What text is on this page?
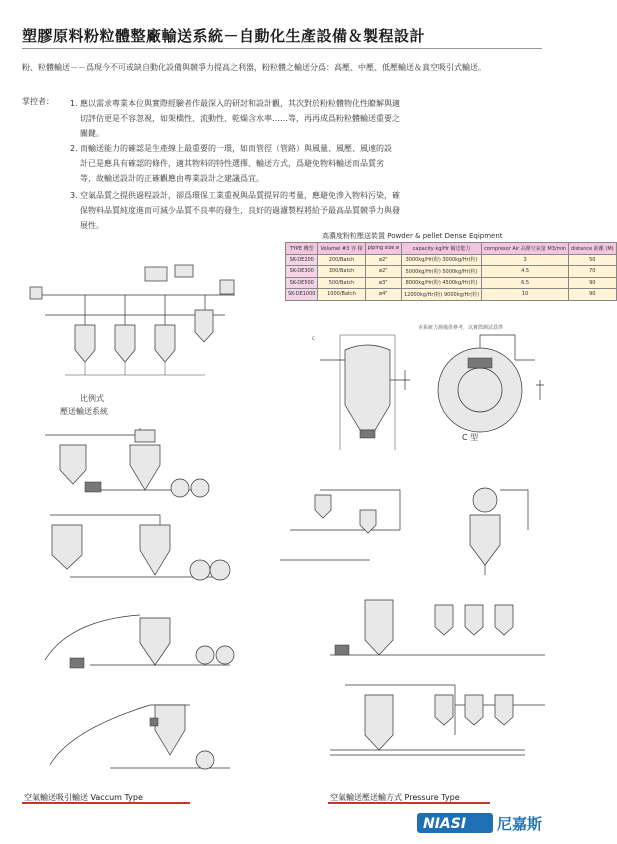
塑膠原料粉粒體整廠輸送系統－自動化生產設備＆製程設計
粉、粒體輸送－－爲現今不可或缺自動化設備與競爭力提高之利器，粉粒體之輸送分爲：高壓、中壓、低壓輸送＆真空吸引式輸送。
掌控者： 1. 應以需求專業本位與實際經驗者作最深入的研討和設計觀，其次對於粉粒體物化性瞭解與適
切評估更是不容忽視，如架橋性、流動性、乾燥含水率……等，再再成爲粉粒體輸送重要之
關鍵。
2. 而輸送能力的確認是生產線上最重要的一環，如而管徑（管路）與風量、風壓、風速的設
計已是應具有確認的條件，適其物料的特性選擇、輸送方式，爲避免物料輸送而品質劣
等，故輸送設計的正確觀應由專業設計之建議爲宜。
3. 空氣品質之提供過程設計，卻爲環保工業重視與品質提昇的考量，應避免滲入物料污染，確
保物料品質純度進而可減少品質不良率的發生，良好的過濾製程將給予最高品質競爭力與發
展性。
高濃度粉粒壓送裝置 Powder & pellet Dense Eqipment
TYPE 機型	Volumel #3 容 積	piping size ø	capacity kg/Hr 輸送能力	compresor Air 高壓空氣量 M3/min	distance 距離 (M)
SK-DE200	200/Batch	ø2"	3000kg/Hr(粉) 3000kg/Hr(粒)	3	50
SK-DE300	300/Batch	ø2"	5000kg/Hr(粉) 5000kg/Hr(粒)	4.5	70
SK-DE500	500/Batch	ø3"	8000kg/Hr(粉) 4500kg/Hr(粒)	6.5	90
SK-DE1000	1000/Batch	ø4"	12000kg/Hr(粉) 9000kg/Hr(粒)	10	90
本系統力測備供參考，以實際測試爲準
C
C 型
比例式
壓送輸送系統
空氣輸送吸引輸送 Vaccum Type	空氣輸送壓送輸方式 Pressure Type
NIASI 尼嘉斯
